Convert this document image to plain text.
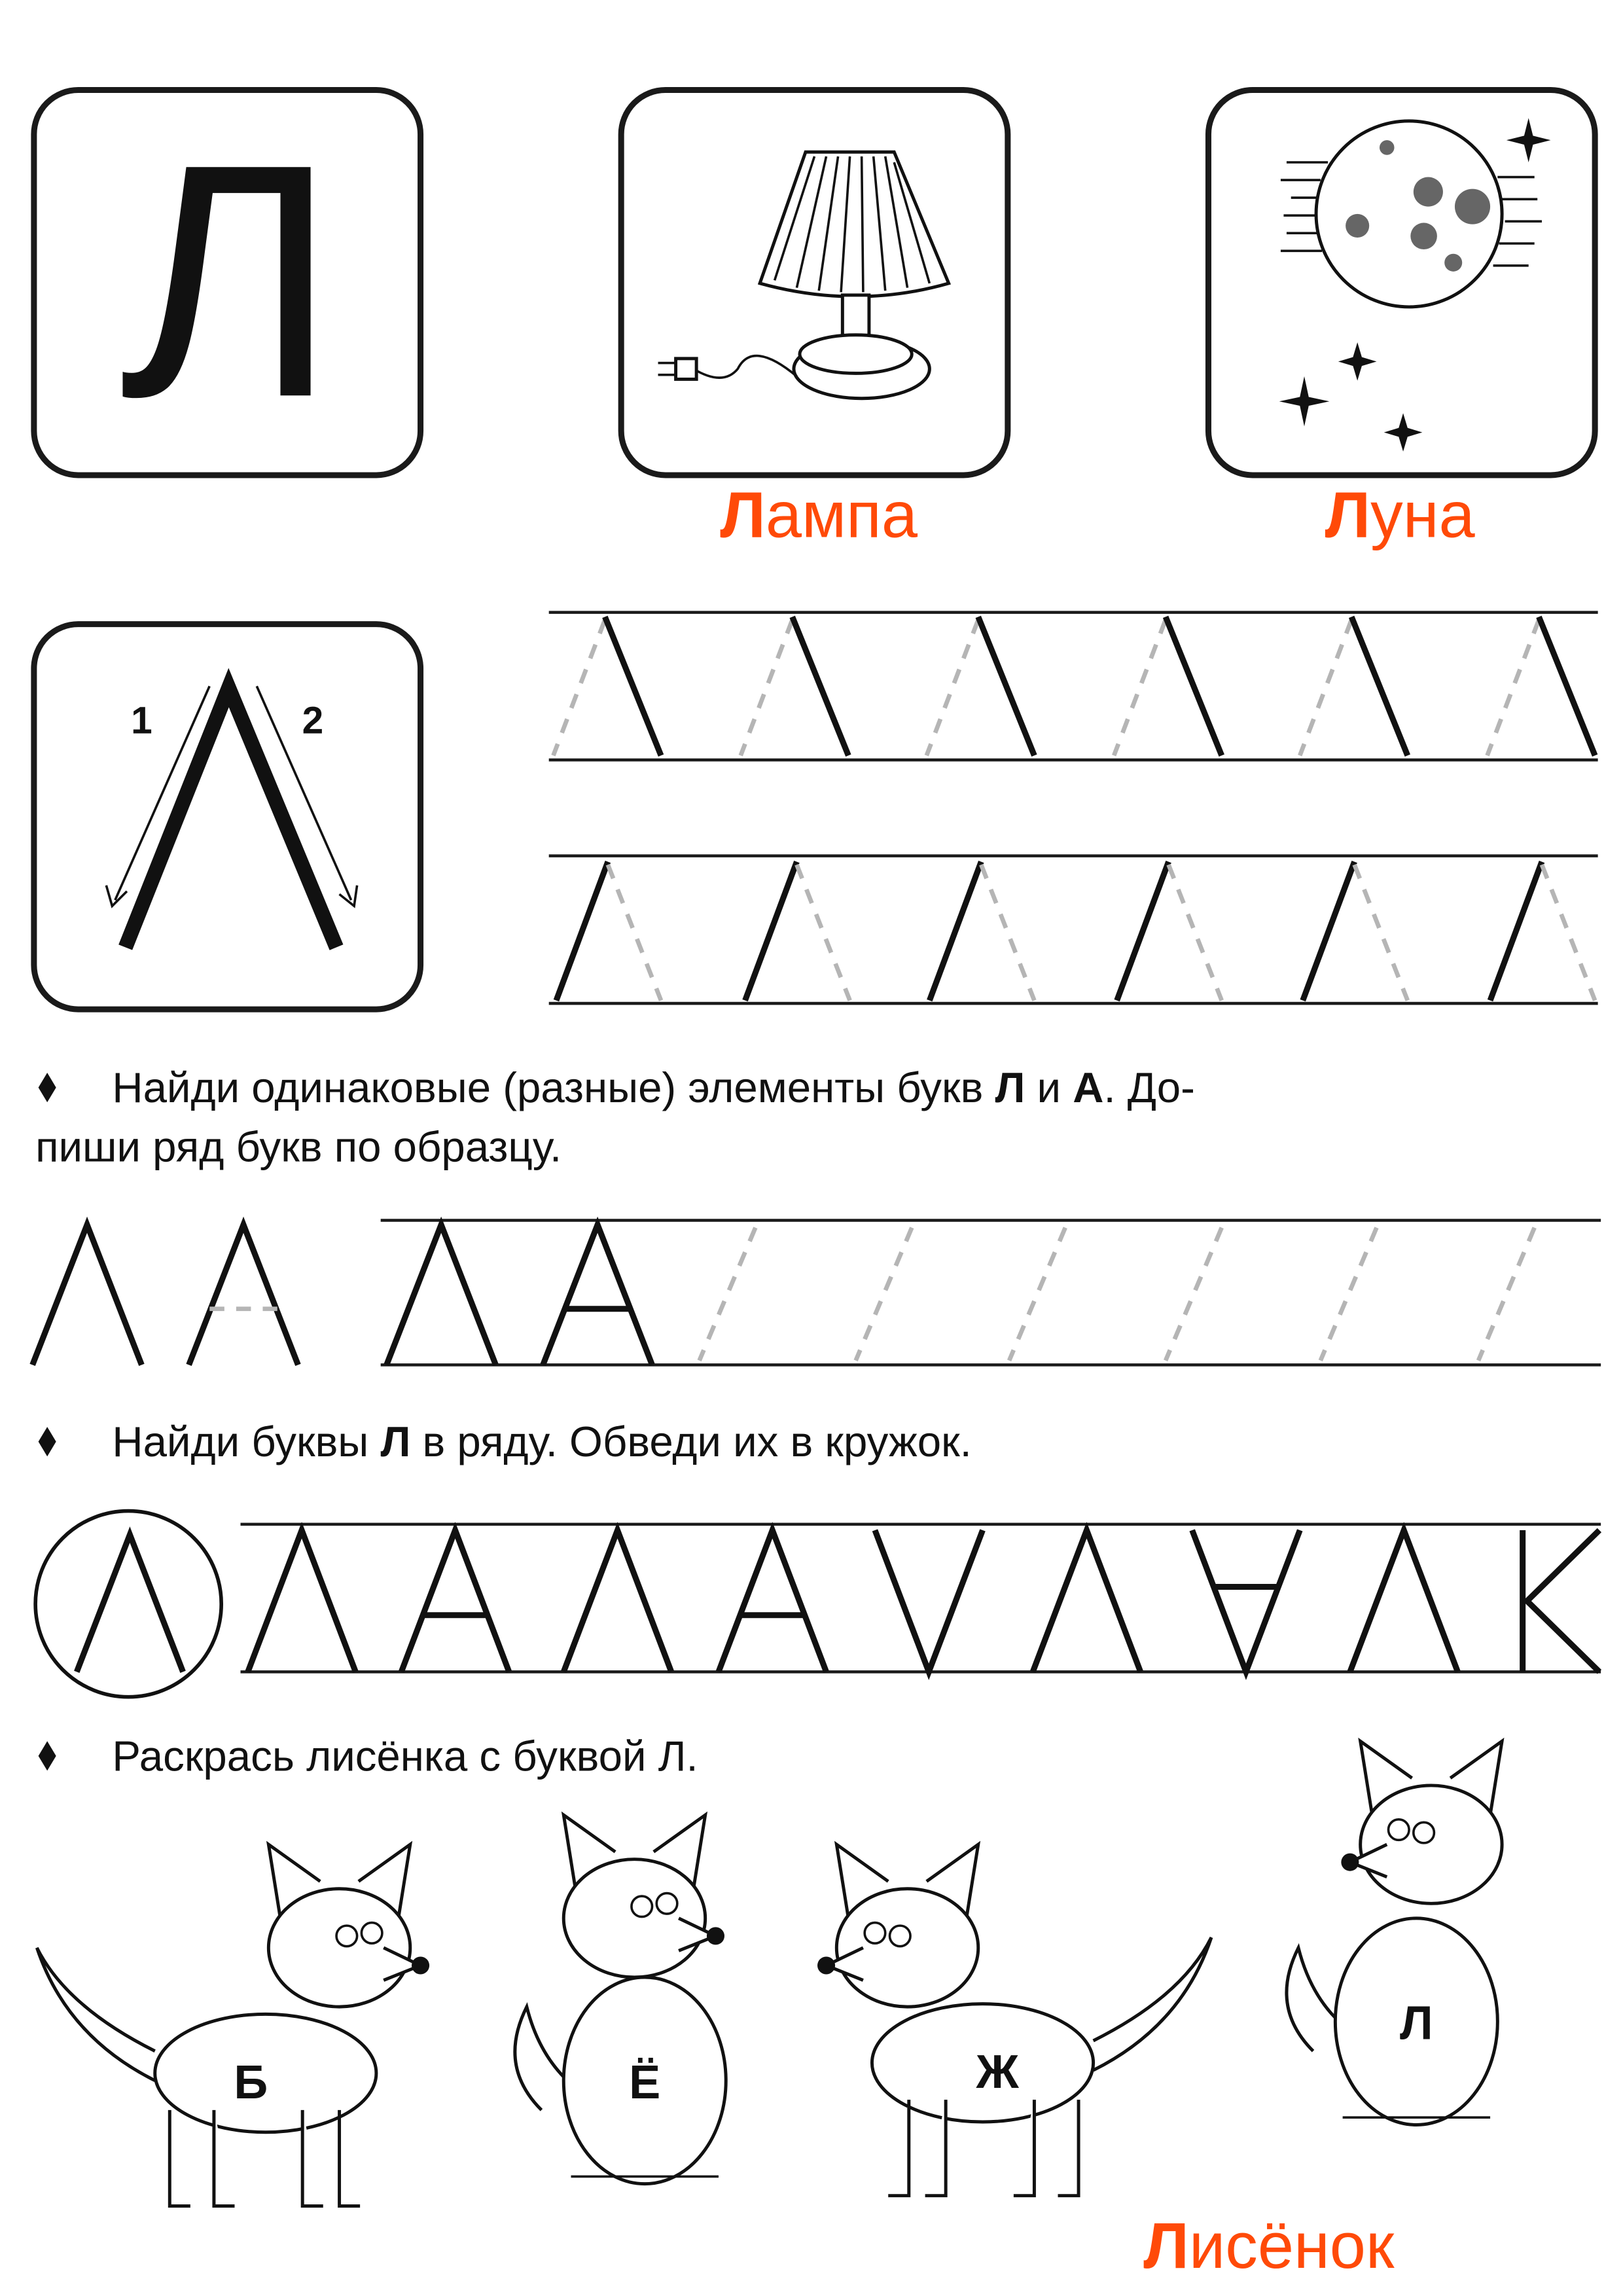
Л
Лампа	Луна
1	2
Найди одинаковые (разные) элементы букв Л и А. До-
пиши ряд букв по образцу.
Найди буквы Л в ряду. Обведи их в кружок.
Раскрась лисёнка с буквой Л.
Б	Ё	Ж
Л
Лисёнок
